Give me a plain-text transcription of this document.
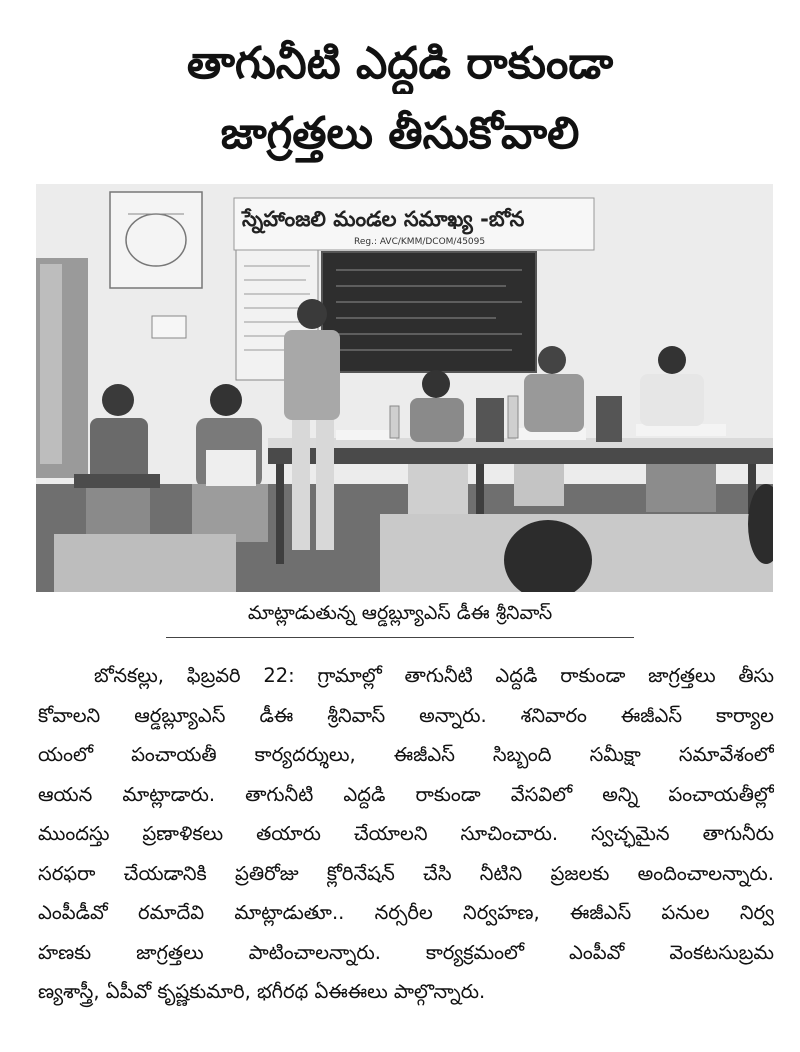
తాగునీటి ఎద్దడి రాకుండా
జాగ్రత్తలు తీసుకోవాలి
స్నేహాంజలి మండల సమాఖ్య -బోన
Reg.: AVC/KMM/DCOM/45095
మాట్లాడుతున్న ఆర్డబ్ల్యూఎస్ డీఈ శ్రీనివాస్
బోనకల్లు, ఫిబ్రవరి 22: గ్రామాల్లో తాగునీటి ఎద్దడి రాకుండా జాగ్రత్తలు తీసు
కోవాలని ఆర్డబ్ల్యూఎస్ డీఈ శ్రీనివాస్ అన్నారు. శనివారం ఈజీఎస్ కార్యాల
యంలో పంచాయతీ కార్యదర్శులు, ఈజీఎస్ సిబ్బంది సమీక్షా సమావేశంలో
ఆయన మాట్లాడారు. తాగునీటి ఎద్దడి రాకుండా వేసవిలో అన్ని పంచాయతీల్లో
ముందస్తు ప్రణాళికలు తయారు చేయాలని సూచించారు. స్వచ్ఛమైన తాగునీరు
సరఫరా చేయడానికి ప్రతిరోజు క్లోరినేషన్ చేసి నీటిని ప్రజలకు అందించాలన్నారు.
ఎంపీడీవో రమాదేవి మాట్లాడుతూ.. నర్సరీల నిర్వహణ, ఈజీఎస్ పనుల నిర్వ
హణకు జాగ్రత్తలు పాటించాలన్నారు. కార్యక్రమంలో ఎంపీవో వెంకటసుబ్రమ
ణ్యశాస్త్రీ, ఏపీవో కృష్ణకుమారి, భగీరథ ఏఈఈలు పాల్గొన్నారు.
